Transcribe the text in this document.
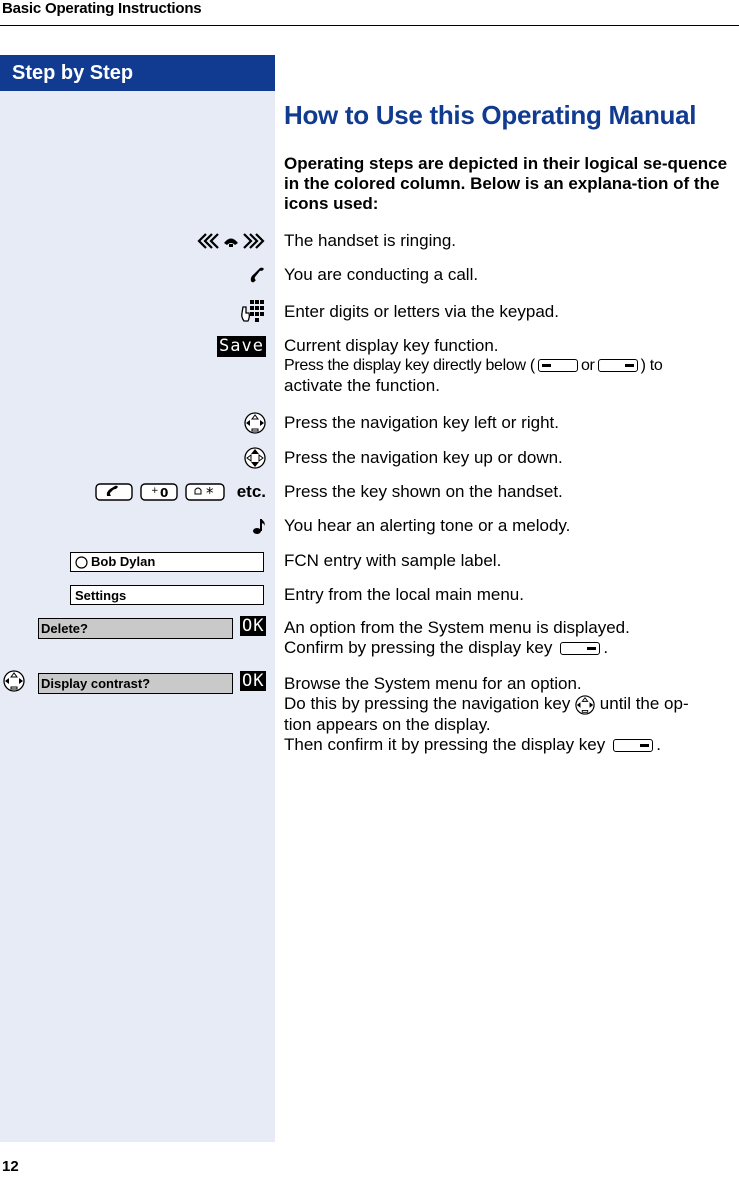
Basic Operating Instructions
Step by Step
How to Use this Operating Manual
Operating steps are depicted in their logical se-quence in the colored column. Below is an explana-tion of the icons used:
The handset is ringing.
You are conducting a call.
Enter digits or letters via the keypad.
Save Current display key function.
Press the display key directly below (	or	) to
activate the function.
Press the navigation key left or right.
Press the navigation key up or down.
+ 0	* etc. Press the key shown on the handset.
You hear an alerting tone or a melody.
Bob Dylan	FCN entry with sample label.
Settings	Entry from the local main menu.
Delete?	OK An option from the System menu is displayed.
Confirm by pressing the display key	.
Display contrast?	OK Browse the System menu for an option.
Do this by pressing the navigation key until the op-
tion appears on the display.
Then confirm it by pressing the display key	.
12
